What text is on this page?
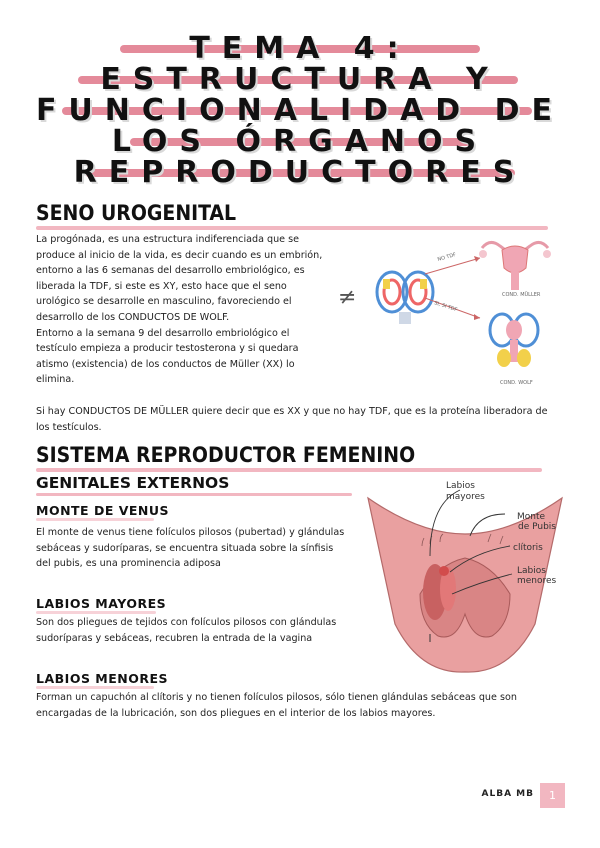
TEMA 4:
ESTRUCTURA Y
FUNCIONALIDAD DE
LOS ÓRGANOS
REPRODUCTORES
SENO UROGENITAL

La progónada, es una estructura indiferenciada que se produce al inicio de la vida, es decir cuando es un embrión, entorno a las 6 semanas del desarrollo embriológico, es liberada la TDF, si este es XY, esto hace que el seno urológico se desarrolle en masculino, favoreciendo el desarrollo de los CONDUCTOS DE WOLF.

Entorno a la semana 9 del desarrollo embriológico el testículo empieza a producir testosterona y si quedara atismo (existencia) de los conductos de Müller (XX) lo elimina.

Si hay CONDUCTOS DE MÜLLER quiere decir que es XX y que no hay TDF, que es la proteína liberadora de los testículos.
≠
NO TDF
SI, SI TDF
COND. MÜLLER
COND. WOLF
SISTEMA REPRODUCTOR FEMENINO
GENITALES EXTERNOS
MONTE DE VENUS
El monte de venus tiene folículos pilosos (pubertad) y glándulas sebáceas y sudoríparas, se encuentra situada sobre la sínfisis del pubis, es una prominencia adiposa
LABIOS MAYORES
Son dos pliegues de tejidos con folículos pilosos con glándulas sudoríparas y sebáceas, recubren la entrada de la vagina
LABIOS MENORES
Forman un capuchón al clítoris y no tienen folículos pilosos, sólo tienen glándulas sebáceas que son encargadas de la lubricación, son dos pliegues en el interior de los labios mayores.
Labios
mayores
Monte
de Pubis
clítoris
Labios
menores
ALBA MB	1
